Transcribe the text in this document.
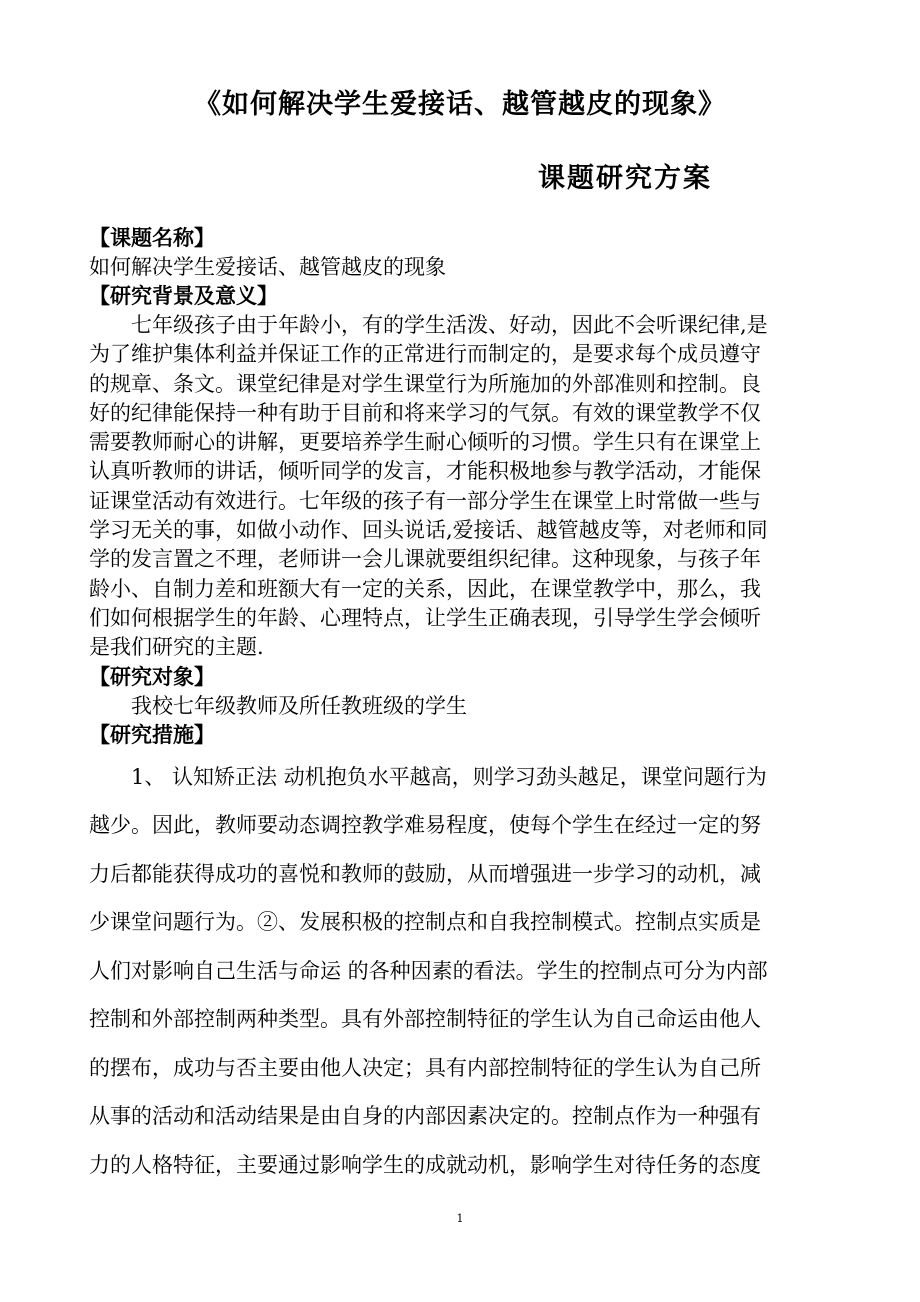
《如何解决学生爱接话、越管越皮的现象》
课题研究方案
【课题名称】

如何解决学生爱接话、越管越皮的现象

【研究背景及意义】
七年级孩子由于年龄小，有的学生活泼、好动，因此不会听课纪律,是
为了维护集体利益并保证工作的正常进行而制定的，是要求每个成员遵守
的规章、条文。课堂纪律是对学生课堂行为所施加的外部准则和控制。良
好的纪律能保持一种有助于目前和将来学习的气氛。有效的课堂教学不仅
需要教师耐心的讲解，更要培养学生耐心倾听的习惯。学生只有在课堂上
认真听教师的讲话，倾听同学的发言，才能积极地参与教学活动，才能保
证课堂活动有效进行。七年级的孩子有一部分学生在课堂上时常做一些与
学习无关的事，如做小动作、回头说话,爱接话、越管越皮等，对老师和同
学的发言置之不理，老师讲一会儿课就要组织纪律。这种现象，与孩子年
龄小、自制力差和班额大有一定的关系，因此，在课堂教学中，那么，我
们如何根据学生的年龄、心理特点，让学生正确表现，引导学生学会倾听
是我们研究的主题.
【研究对象】

我校七年级教师及所任教班级的学生

【研究措施】
1、 认知矫正法 动机抱负水平越高，则学习劲头越足，课堂问题行为
越少。因此，教师要动态调控教学难易程度，使每个学生在经过一定的努
力后都能获得成功的喜悦和教师的鼓励，从而增强进一步学习的动机，减
少课堂问题行为。②、发展积极的控制点和自我控制模式。控制点实质是
人们对影响自己生活与命运 的各种因素的看法。学生的控制点可分为内部
控制和外部控制两种类型。具有外部控制特征的学生认为自己命运由他人
的摆布，成功与否主要由他人决定；具有内部控制特征的学生认为自己所
从事的活动和活动结果是由自身的内部因素决定的。控制点作为一种强有
力的人格特征，主要通过影响学生的成就动机，影响学生对待任务的态度
1
